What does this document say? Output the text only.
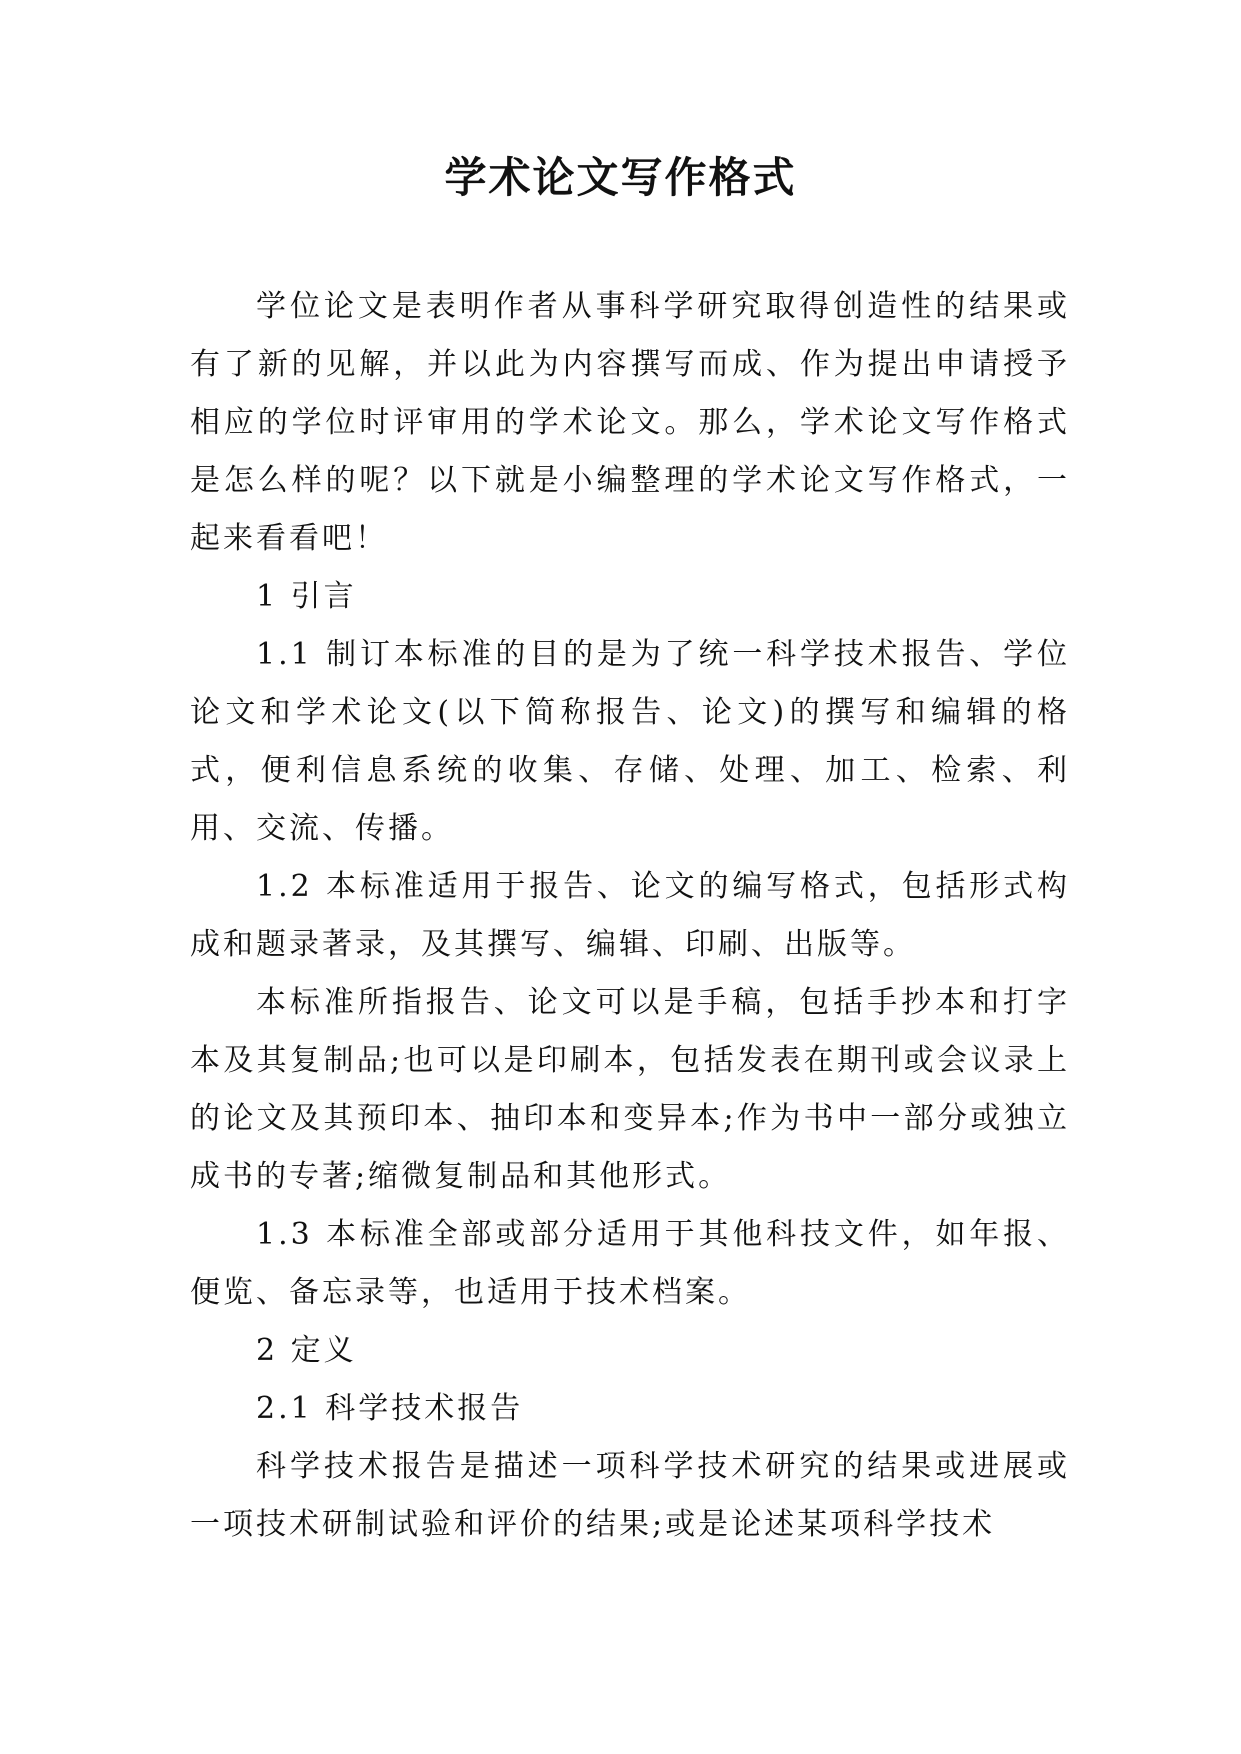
学术论文写作格式

学位论文是表明作者从事科学研究取得创造性的结果或有了新的见解，并以此为内容撰写而成、作为提出申请授予相应的学位时评审用的学术论文。那么，学术论文写作格式是怎么样的呢？以下就是小编整理的学术论文写作格式，一起来看看吧！

1 引言

1.1 制订本标准的目的是为了统一科学技术报告、学位论文和学术论文(以下简称报告、论文)的撰写和编辑的格式，便利信息系统的收集、存储、处理、加工、检索、利用、交流、传播。

1.2 本标准适用于报告、论文的编写格式，包括形式构成和题录著录，及其撰写、编辑、印刷、出版等。

本标准所指报告、论文可以是手稿，包括手抄本和打字本及其复制品;也可以是印刷本，包括发表在期刊或会议录上的论文及其预印本、抽印本和变异本;作为书中一部分或独立成书的专著;缩微复制品和其他形式。

1.3 本标准全部或部分适用于其他科技文件，如年报、便览、备忘录等，也适用于技术档案。

2 定义

2.1 科学技术报告

科学技术报告是描述一项科学技术研究的结果或进展或一项技术研制试验和评价的结果;或是论述某项科学技术
